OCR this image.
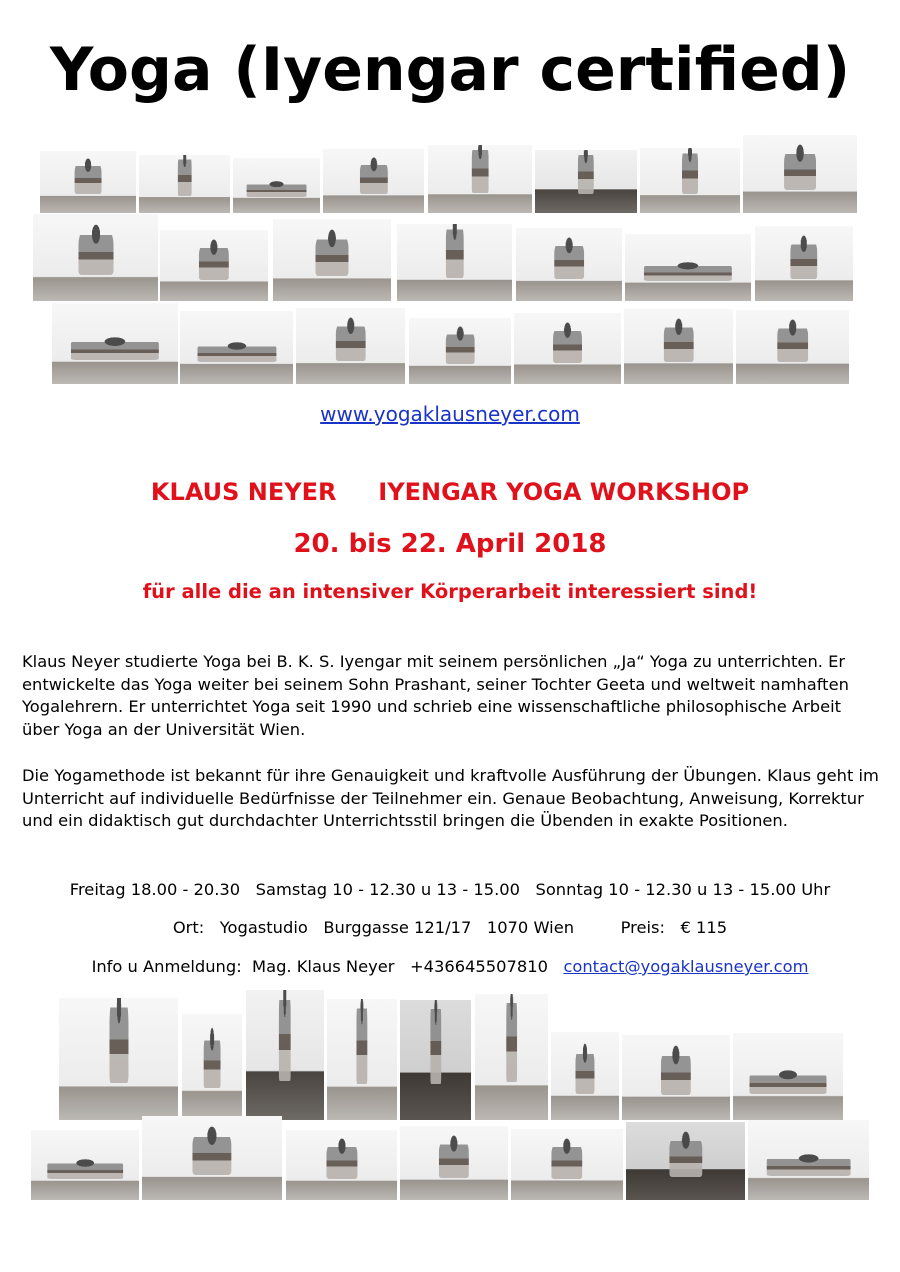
Yoga (Iyengar certified)
www.yogaklausneyer.com
KLAUS NEYER     IYENGAR YOGA WORKSHOP
20. bis 22. April 2018
für alle die an intensiver Körperarbeit interessiert sind!
Klaus Neyer studierte Yoga bei B. K. S. Iyengar mit seinem persönlichen „Ja“ Yoga zu unterrichten. Er entwickelte das Yoga weiter bei seinem Sohn Prashant, seiner Tochter Geeta und weltweit namhaften Yogalehrern. Er unterrichtet Yoga seit 1990 und schrieb eine wissenschaftliche philosophische Arbeit über Yoga an der Universität Wien.
Die Yogamethode ist bekannt für ihre Genauigkeit und kraftvolle Ausführung der Übungen. Klaus geht im Unterricht auf individuelle Bedürfnisse der Teilnehmer ein. Genaue Beobachtung, Anweisung, Korrektur und ein didaktisch gut durchdachter Unterrichtsstil bringen die Übenden in exakte Positionen.
Freitag 18.00 - 20.30   Samstag 10 - 12.30 u 13 - 15.00   Sonntag 10 - 12.30 u 13 - 15.00 Uhr
Ort:   Yogastudio   Burggasse 121/17   1070 Wien         Preis:   € 115
Info u Anmeldung:  Mag. Klaus Neyer   +436645507810   contact@yogaklausneyer.com
